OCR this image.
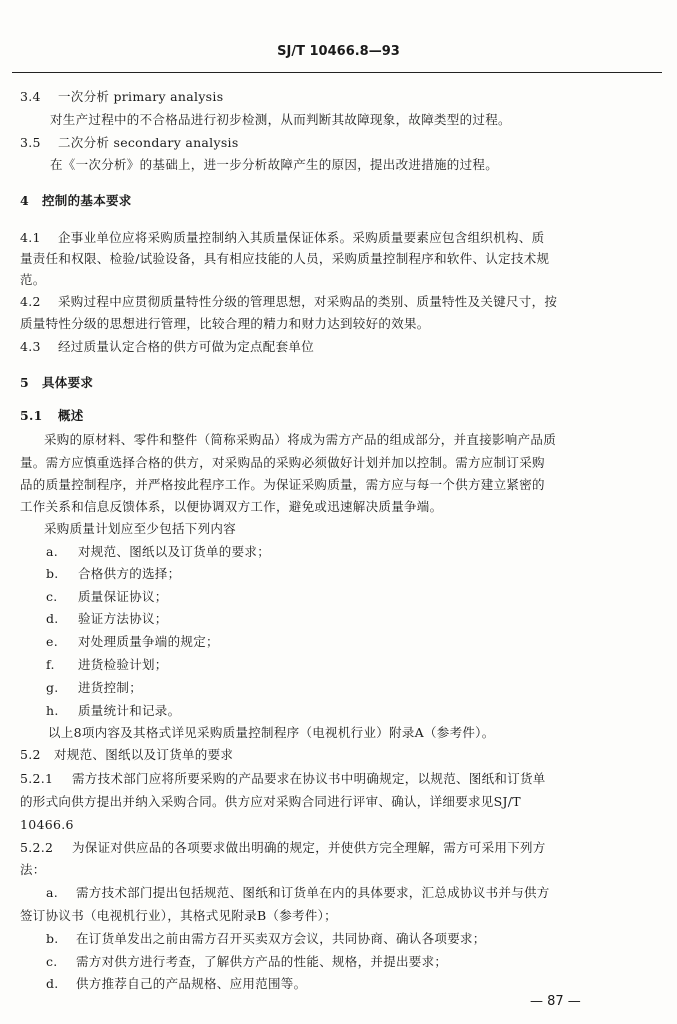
SJ/T 10466.8—93
3.4 一次分析 primary analysis
对生产过程中的不合格品进行初步检测，从而判断其故障现象，故障类型的过程。
3.5 二次分析 secondary analysis
在《一次分析》的基础上，进一步分析故障产生的原因，提出改进措施的过程。
4 控制的基本要求
4.1 企事业单位应将采购质量控制纳入其质量保证体系。采购质量要素应包含组织机构、质
量责任和权限、检验/试验设备，具有相应技能的人员，采购质量控制程序和软件、认定技术规
范。
4.2 采购过程中应贯彻质量特性分级的管理思想，对采购品的类别、质量特性及关键尺寸，按
质量特性分级的思想进行管理，比较合理的精力和财力达到较好的效果。
4.3 经过质量认定合格的供方可做为定点配套单位
5 具体要求
5.1 概述
采购的原材料、零件和整件（简称采购品）将成为需方产品的组成部分，并直接影响产品质
量。需方应慎重选择合格的供方，对采购品的采购必须做好计划并加以控制。需方应制订采购
品的质量控制程序，并严格按此程序工作。为保证采购质量，需方应与每一个供方建立紧密的
工作关系和信息反馈体系，以便协调双方工作，避免或迅速解决质量争端。
采购质量计划应至少包括下列内容
a. 对规范、图纸以及订货单的要求；
b. 合格供方的选择；
c. 质量保证协议；
d. 验证方法协议；
e. 对处理质量争端的规定；
f. 进货检验计划；
g. 进货控制；
h. 质量统计和记录。
以上8项内容及其格式详见采购质量控制程序（电视机行业）附录A（参考件）。
5.2 对规范、图纸以及订货单的要求
5.2.1 需方技术部门应将所要采购的产品要求在协议书中明确规定，以规范、图纸和订货单
的形式向供方提出并纳入采购合同。供方应对采购合同进行评审、确认，详细要求见SJ/T
10466.6
5.2.2 为保证对供应品的各项要求做出明确的规定，并使供方完全理解，需方可采用下列方
法：
a. 需方技术部门提出包括规范、图纸和订货单在内的具体要求，汇总成协议书并与供方
签订协议书（电视机行业），其格式见附录B（参考件）；
b. 在订货单发出之前由需方召开买卖双方会议，共同协商、确认各项要求；
c. 需方对供方进行考查，了解供方产品的性能、规格，并提出要求；
d. 供方推荐自己的产品规格、应用范围等。
— 87 —
